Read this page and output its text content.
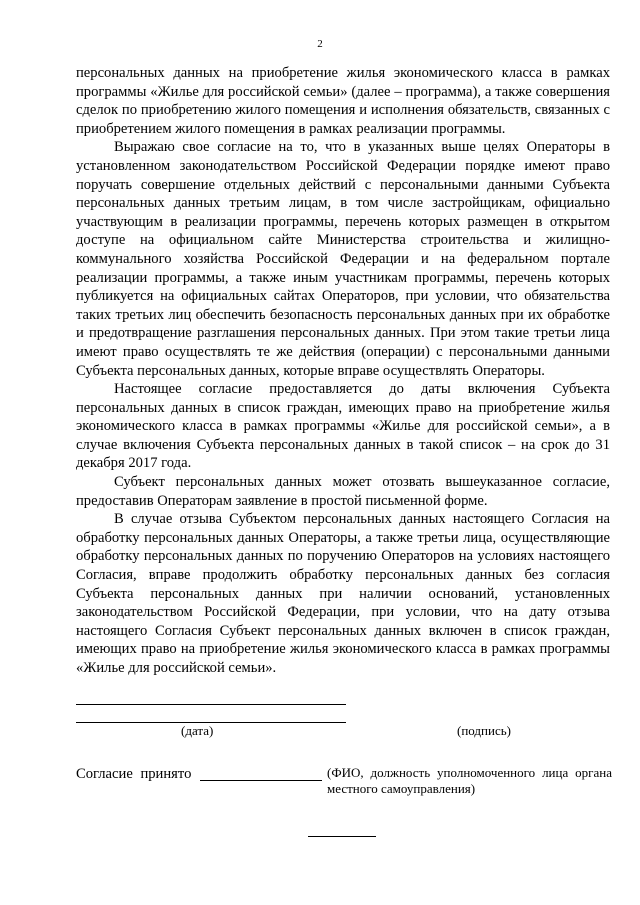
2

персональных данных на приобретение жилья экономического класса в рамках программы «Жилье для российской семьи» (далее – программа), а также совершения сделок по приобретению жилого помещения и исполнения обязательств, связанных с приобретением жилого помещения в рамках реализации программы.

Выражаю свое согласие на то, что в указанных выше целях Операторы в установленном законодательством Российской Федерации порядке имеют право поручать совершение отдельных действий с персональными данными Субъекта персональных данных третьим лицам, в том числе застройщикам, официально участвующим в реализации программы, перечень которых размещен в открытом доступе на официальном сайте Министерства строительства и жилищно-коммунального хозяйства Российской Федерации и на федеральном портале реализации программы, а также иным участникам программы, перечень которых публикуется на официальных сайтах Операторов, при условии, что обязательства таких третьих лиц обеспечить безопасность персональных данных при их обработке и предотвращение разглашения персональных данных. При этом такие третьи лица имеют право осуществлять те же действия (операции) с персональными данными Субъекта персональных данных, которые вправе осуществлять Операторы.

Настоящее согласие предоставляется до даты включения Субъекта персональных данных в список граждан, имеющих право на приобретение жилья экономического класса в рамках программы «Жилье для российской семьи», а в случае включения Субъекта персональных данных в такой список – на срок до 31 декабря 2017 года.

Субъект персональных данных может отозвать вышеуказанное согласие, предоставив Операторам заявление в простой письменной форме.

В случае отзыва Субъектом персональных данных настоящего Согласия на обработку персональных данных Операторы, а также третьи лица, осуществляющие обработку персональных данных по поручению Операторов на условиях настоящего Согласия, вправе продолжить обработку персональных данных без согласия Субъекта персональных данных при наличии оснований, установленных законодательством Российской Федерации, при условии, что на дату отзыва настоящего Согласия Субъект персональных данных включен в список граждан, имеющих право на приобретение жилья экономического класса в рамках программы «Жилье для российской семьи».

(дата)	(подпись)
Согласие принято	(ФИО, должность уполномоченного лица органа местного самоуправления)
